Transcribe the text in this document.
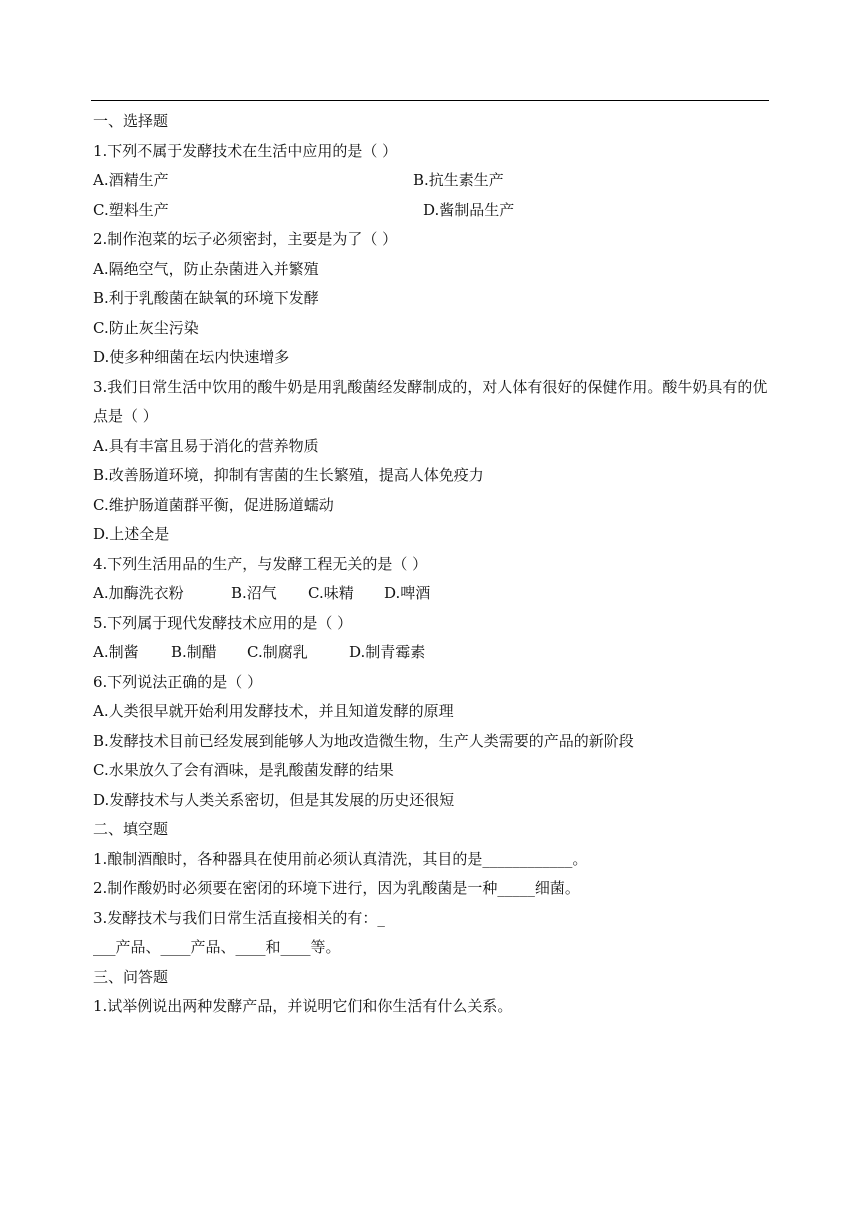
一、选择题
1.下列不属于发酵技术在生活中应用的是（ ）
A.酒精生产	B.抗生素生产
C.塑料生产	D.酱制品生产
2.制作泡菜的坛子必须密封，主要是为了（ ）
A.隔绝空气，防止杂菌进入并繁殖
B.利于乳酸菌在缺氧的环境下发酵
C.防止灰尘污染
D.使多种细菌在坛内快速增多
3.我们日常生活中饮用的酸牛奶是用乳酸菌经发酵制成的，对人体有很好的保健作用。酸牛奶具有的优点是（ ）
A.具有丰富且易于消化的营养物质
B.改善肠道环境，抑制有害菌的生长繁殖，提高人体免疫力
C.维护肠道菌群平衡，促进肠道蠕动
D.上述全是
4.下列生活用品的生产，与发酵工程无关的是（ ）
A.加酶洗衣粉	B.沼气 C.味精 D.啤酒
5.下列属于现代发酵技术应用的是（ ）
A.制酱 B.制醋 C.制腐乳	D.制青霉素
6.下列说法正确的是（ ）
A.人类很早就开始利用发酵技术，并且知道发酵的原理
B.发酵技术目前已经发展到能够人为地改造微生物，生产人类需要的产品的新阶段
C.水果放久了会有酒味，是乳酸菌发酵的结果
D.发酵技术与人类关系密切，但是其发展的历史还很短
二、填空题
1.酿制酒酿时，各种器具在使用前必须认真清洗，其目的是____________。
2.制作酸奶时必须要在密闭的环境下进行，因为乳酸菌是一种_____细菌。
3.发酵技术与我们日常生活直接相关的有：_
___产品、____产品、____和____等。
三、问答题
1.试举例说出两种发酵产品，并说明它们和你生活有什么关系。
